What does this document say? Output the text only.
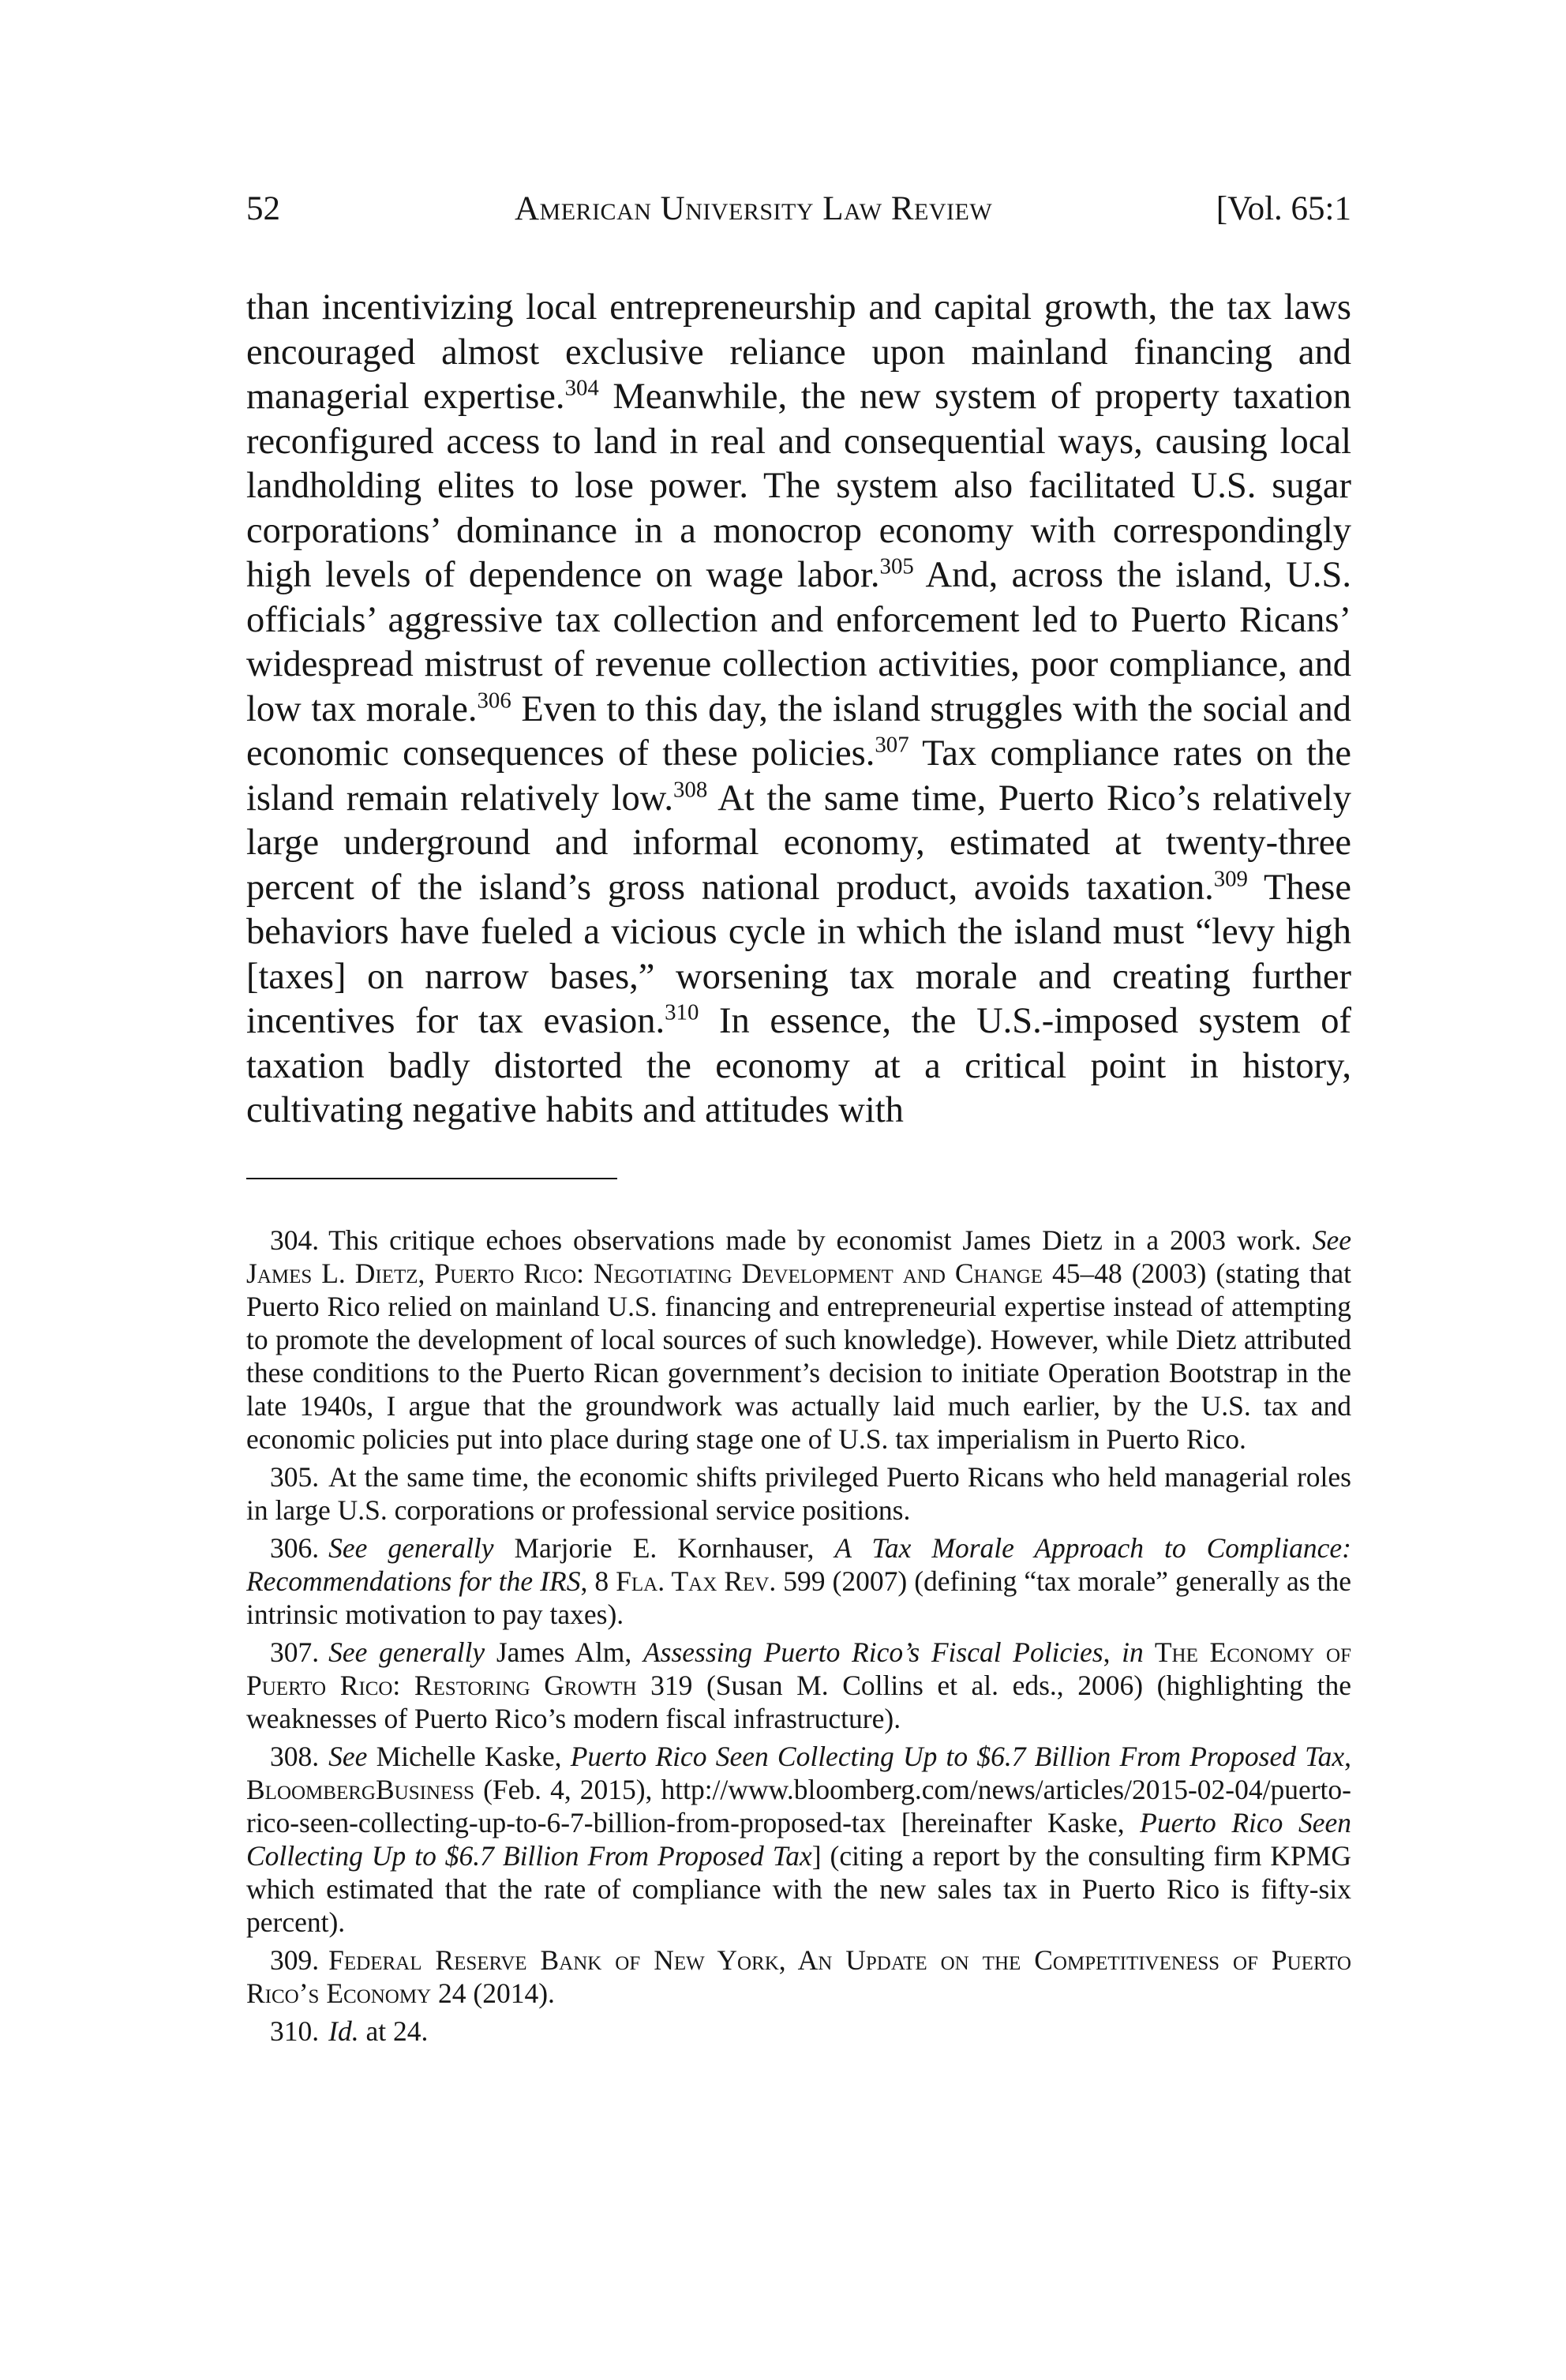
52	American University Law Review	[Vol. 65:1

than incentivizing local entrepreneurship and capital growth, the tax laws encouraged almost exclusive reliance upon mainland financing and managerial expertise.$^{304}$ Meanwhile, the new system of property taxation reconfigured access to land in real and consequential ways, causing local landholding elites to lose power. The system also facilitated U.S. sugar corporations’ dominance in a monocrop economy with correspondingly high levels of dependence on wage labor.$^{305}$ And, across the island, U.S. officials’ aggressive tax collection and enforcement led to Puerto Ricans’ widespread mistrust of revenue collection activities, poor compliance, and low tax morale.$^{306}$ Even to this day, the island struggles with the social and economic consequences of these policies.$^{307}$ Tax compliance rates on the island remain relatively low.$^{308}$ At the same time, Puerto Rico’s relatively large underground and informal economy, estimated at twenty-three percent of the island’s gross national product, avoids taxation.$^{309}$ These behaviors have fueled a vicious cycle in which the island must “levy high [taxes] on narrow bases,” worsening tax morale and creating further incentives for tax evasion.$^{310}$ In essence, the U.S.-imposed system of taxation badly distorted the economy at a critical point in history, cultivating negative habits and attitudes with

304. This critique echoes observations made by economist James Dietz in a 2003 work. See James L. Dietz, Puerto Rico: Negotiating Development and Change 45–48 (2003) (stating that Puerto Rico relied on mainland U.S. financing and entrepreneurial expertise instead of attempting to promote the development of local sources of such knowledge). However, while Dietz attributed these conditions to the Puerto Rican government’s decision to initiate Operation Bootstrap in the late 1940s, I argue that the groundwork was actually laid much earlier, by the U.S. tax and economic policies put into place during stage one of U.S. tax imperialism in Puerto Rico.

305. At the same time, the economic shifts privileged Puerto Ricans who held managerial roles in large U.S. corporations or professional service positions.

306. See generally Marjorie E. Kornhauser, A Tax Morale Approach to Compliance: Recommendations for the IRS, 8 Fla. Tax Rev. 599 (2007) (defining “tax morale” generally as the intrinsic motivation to pay taxes).

307. See generally James Alm, Assessing Puerto Rico’s Fiscal Policies, in The Economy of Puerto Rico: Restoring Growth 319 (Susan M. Collins et al. eds., 2006) (highlighting the weaknesses of Puerto Rico’s modern fiscal infrastructure).

308. See Michelle Kaske, Puerto Rico Seen Collecting Up to $6.7 Billion From Proposed Tax, BloombergBusiness (Feb. 4, 2015), http://www.bloomberg.com/news/articles/2015-02-04/puerto-rico-seen-collecting-up-to-6-7-billion-from-proposed-tax [hereinafter Kaske, Puerto Rico Seen Collecting Up to $6.7 Billion From Proposed Tax] (citing a report by the consulting firm KPMG which estimated that the rate of compliance with the new sales tax in Puerto Rico is fifty-six percent).

309. Federal Reserve Bank of New York, An Update on the Competitiveness of Puerto Rico’s Economy 24 (2014).

310. Id. at 24.
